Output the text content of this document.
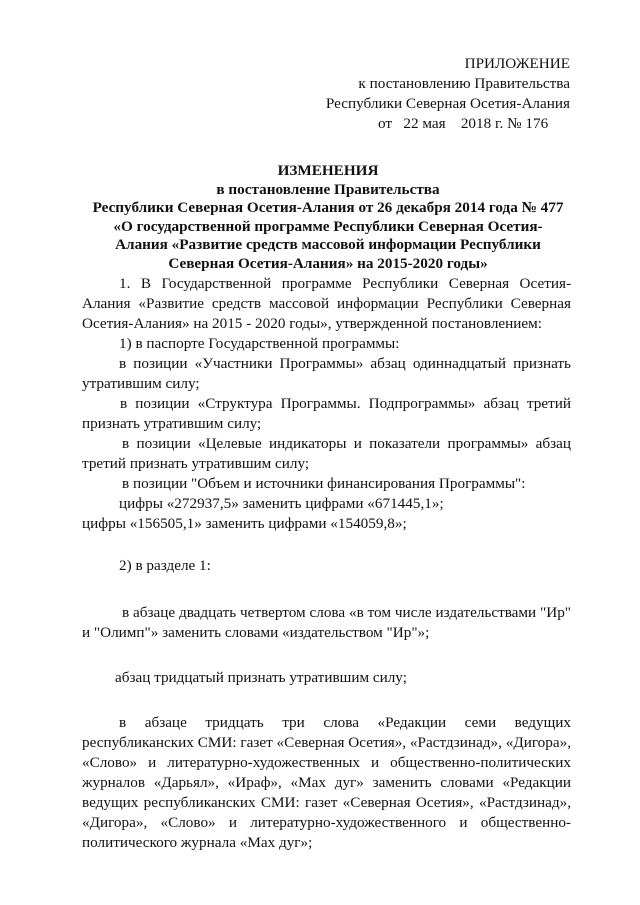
ПРИЛОЖЕНИЕ
к постановлению Правительства
Республики Северная Осетия-Алания
от   22 мая    2018 г. № 176
ИЗМЕНЕНИЯ
в постановление Правительства
Республики Северная Осетия-Алания от 26 декабря 2014 года № 477
«О государственной программе Республики Северная Осетия-
Алания «Развитие средств массовой информации Республики
Северная Осетия-Алания» на 2015-2020 годы»
1. В Государственной программе Республики Северная Осетия-Алания «Развитие средств массовой информации Республики Северная Осетия-Алания» на 2015 - 2020 годы», утвержденной постановлением:
1) в паспорте Государственной программы:
в позиции «Участники Программы» абзац одиннадцатый признать утратившим силу;
в позиции «Структура Программы. Подпрограммы» абзац третий признать утратившим силу;
в позиции «Целевые индикаторы и показатели программы» абзац третий признать утратившим силу;
в позиции "Объем и источники финансирования Программы":
цифры «272937,5» заменить цифрами «671445,1»;
цифры «156505,1» заменить цифрами «154059,8»;
2) в разделе 1:
в абзаце двадцать четвертом слова «в том числе издательствами "Ир" и "Олимп"» заменить словами «издательством "Ир"»;
абзац тридцатый признать утратившим силу;
в абзаце тридцать три слова «Редакции семи ведущих республиканских СМИ: газет «Северная Осетия», «Растдзинад», «Дигора», «Слово» и литературно-художественных и общественно-политических журналов «Дарьял», «Ираф», «Мах дуг» заменить словами «Редакции ведущих республиканских СМИ: газет «Северная Осетия», «Растдзинад», «Дигора», «Слово» и литературно-художественного и общественно-политического журнала «Мах дуг»;
